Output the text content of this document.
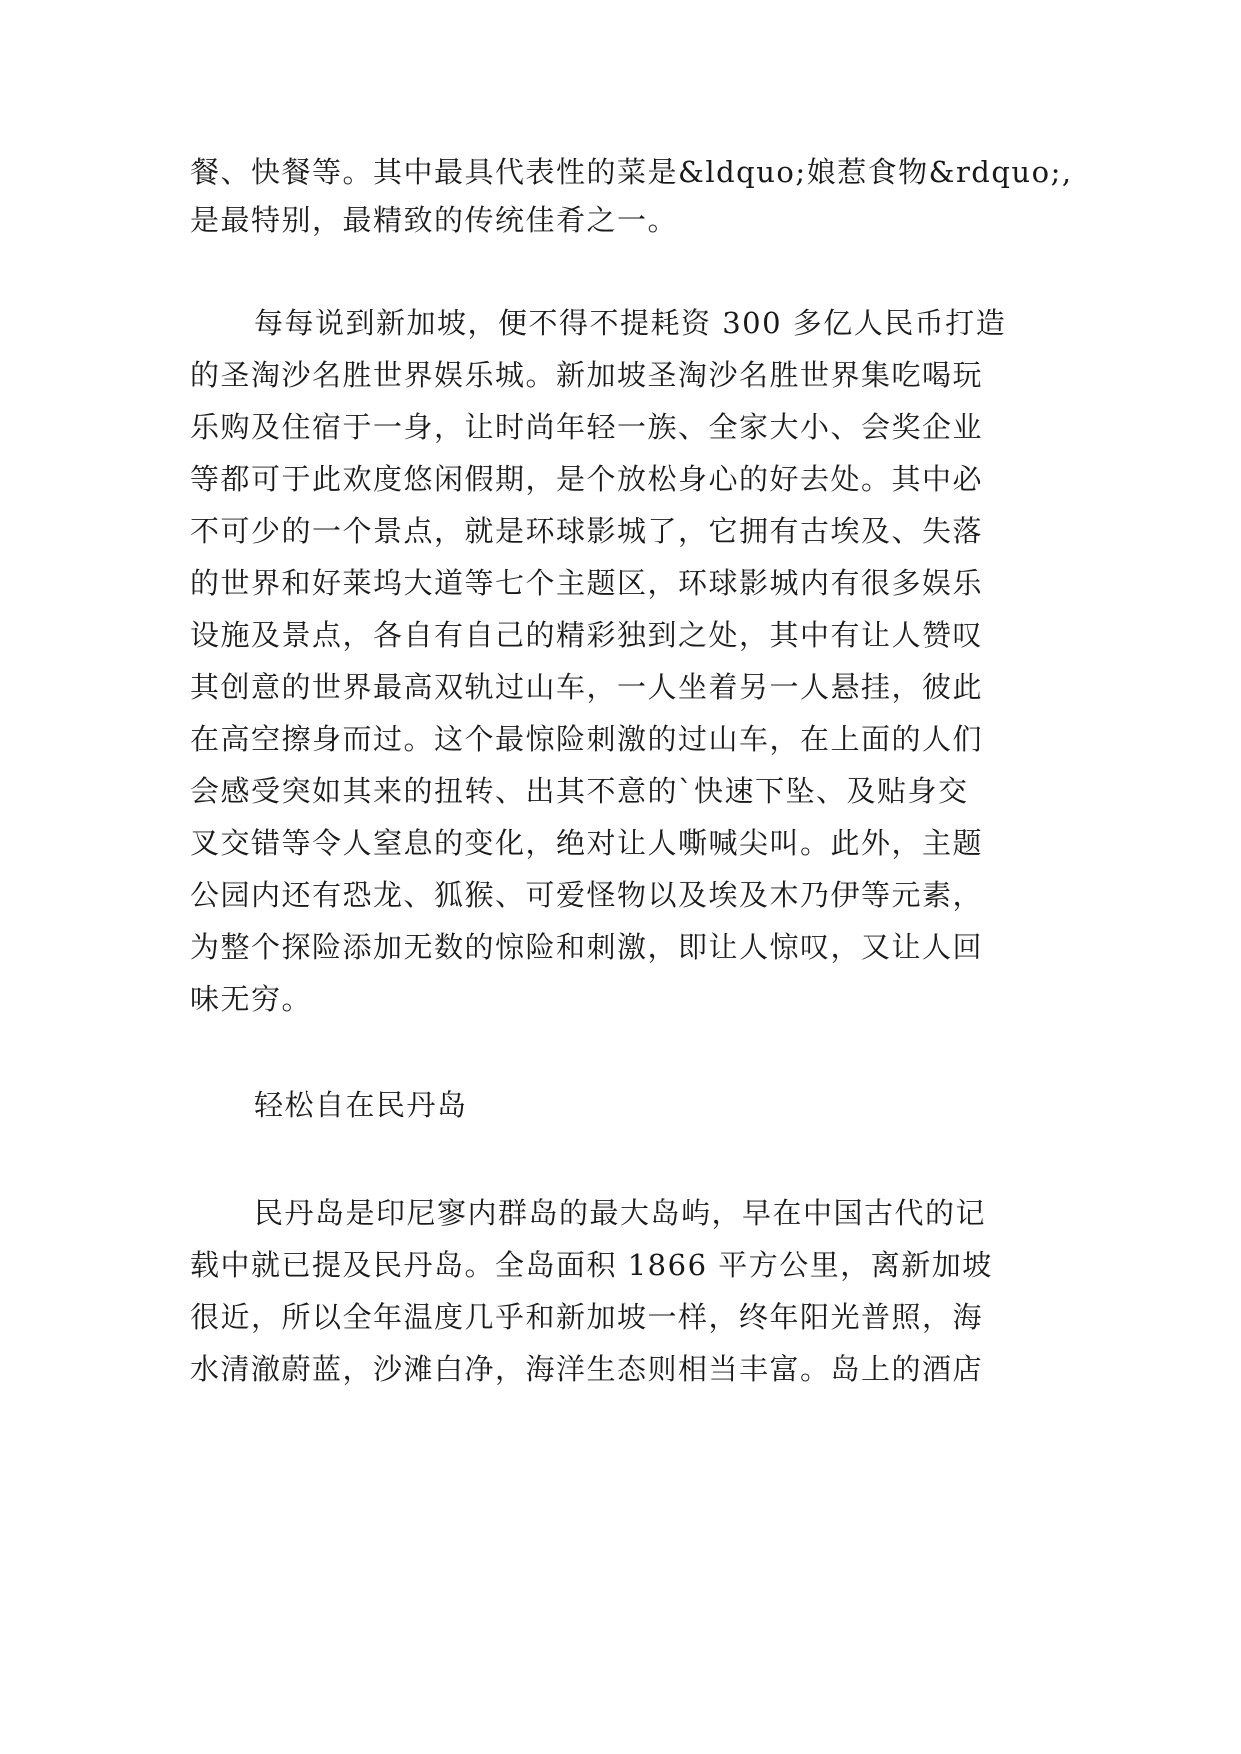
餐、快餐等。其中最具代表性的菜是&ldquo;娘惹食物&rdquo;,
是最特别，最精致的传统佳肴之一。
每每说到新加坡，便不得不提耗资 300 多亿人民币打造
的圣淘沙名胜世界娱乐城。新加坡圣淘沙名胜世界集吃喝玩
乐购及住宿于一身，让时尚年轻一族、全家大小、会奖企业
等都可于此欢度悠闲假期，是个放松身心的好去处。其中必
不可少的一个景点，就是环球影城了，它拥有古埃及、失落
的世界和好莱坞大道等七个主题区，环球影城内有很多娱乐
设施及景点，各自有自己的精彩独到之处，其中有让人赞叹
其创意的世界最高双轨过山车，一人坐着另一人悬挂，彼此
在高空擦身而过。这个最惊险刺激的过山车，在上面的人们
会感受突如其来的扭转、出其不意的`快速下坠、及贴身交
叉交错等令人窒息的变化，绝对让人嘶喊尖叫。此外，主题
公园内还有恐龙、狐猴、可爱怪物以及埃及木乃伊等元素，
为整个探险添加无数的惊险和刺激，即让人惊叹，又让人回
味无穷。
轻松自在民丹岛
民丹岛是印尼寥内群岛的最大岛屿，早在中国古代的记
载中就已提及民丹岛。全岛面积 1866 平方公里，离新加坡
很近，所以全年温度几乎和新加坡一样，终年阳光普照，海
水清澈蔚蓝，沙滩白净，海洋生态则相当丰富。岛上的酒店
